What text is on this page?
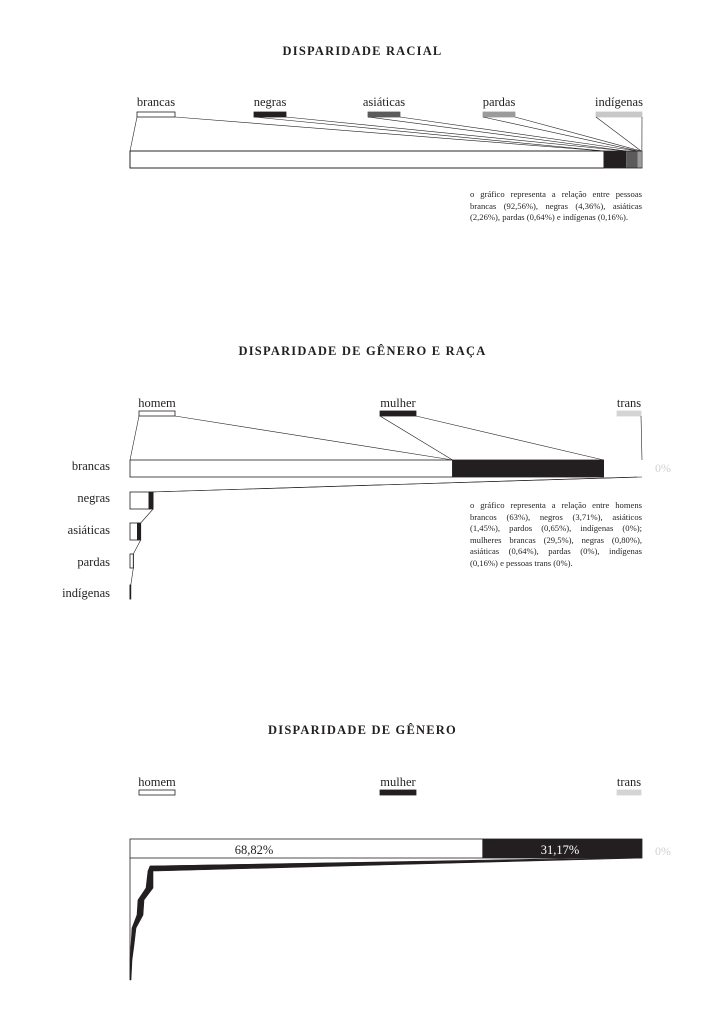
DISPARIDADE RACIAL
brancas	negras	asiáticas	pardas	indígenas
o gráfico representa a relação entre pessoas brancas (92,56%), negras (4,36%), asiáticas (2,26%), pardas (0,64%) e indígenas (0,16%).
DISPARIDADE DE GÊNERO E RAÇA
homem	mulher	trans
brancas
negras
asiáticas
pardas
indígenas
0%
o gráfico representa a relação entre homens brancos (63%), negros (3,71%), asiáticos (1,45%), pardos (0,65%), indígenas (0%); mulheres brancas (29,5%), negras (0,80%), asiáticas (0,64%), pardas (0%), indígenas (0,16%) e pessoas trans (0%).
DISPARIDADE DE GÊNERO
homem	mulher	trans
68,82%	31,17%	0%
